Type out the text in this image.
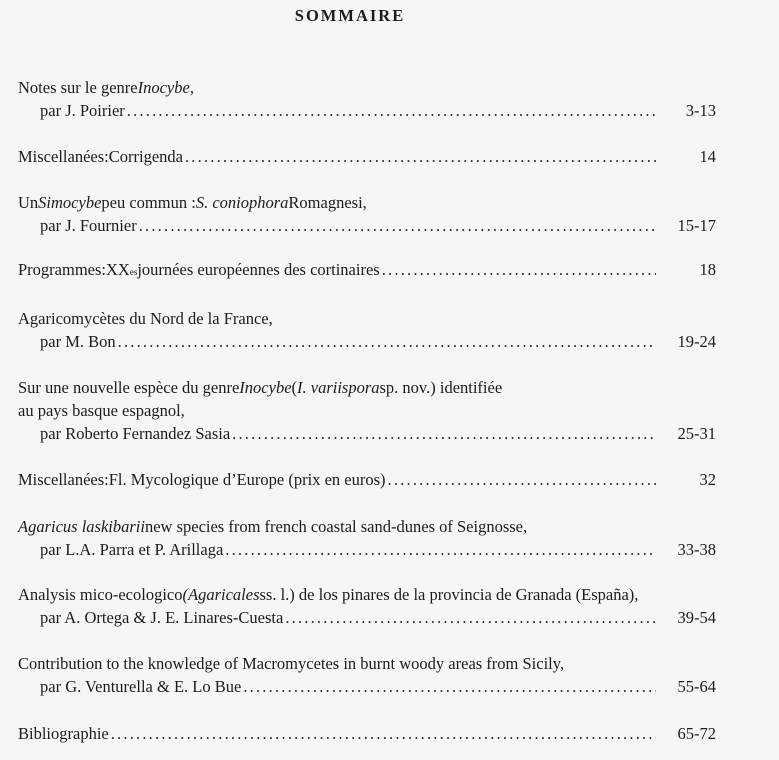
SOMMAIRE
Notes sur le genre Inocybe ,
par J. Poirier .....	3-13
Miscellanées : Corrigenda .....	14
Un Simocybe peu commun : S. coniophora Romagnesi,
par J. Fournier .....	15-17
Programmes : XX es journées européennes des cortinaires .....	18
Agaricomycètes du Nord de la France,
par M. Bon .....	19-24
Sur une nouvelle espèce du genre Inocybe ( I. variispora sp. nov.) identifiée
au pays basque espagnol,
par Roberto Fernandez Sasia .....	25-31
Miscellanées : Fl. Mycologique d’Europe (prix en euros) .....	32
Agaricus laskibarii new species from french coastal sand-dunes of Seignosse,
par L.A. Parra et P. Arillaga .....	33-38
Analysis mico-ecologico (Agaricales ss. l.) de los pinares de la provincia de Granada (España),
par A. Ortega & J. E. Linares-Cuesta .....	39-54
Contribution to the knowledge of Macromycetes in burnt woody areas from Sicily,
par G. Venturella & E. Lo Bue .....	55-64
Bibliographie .....	65-72
